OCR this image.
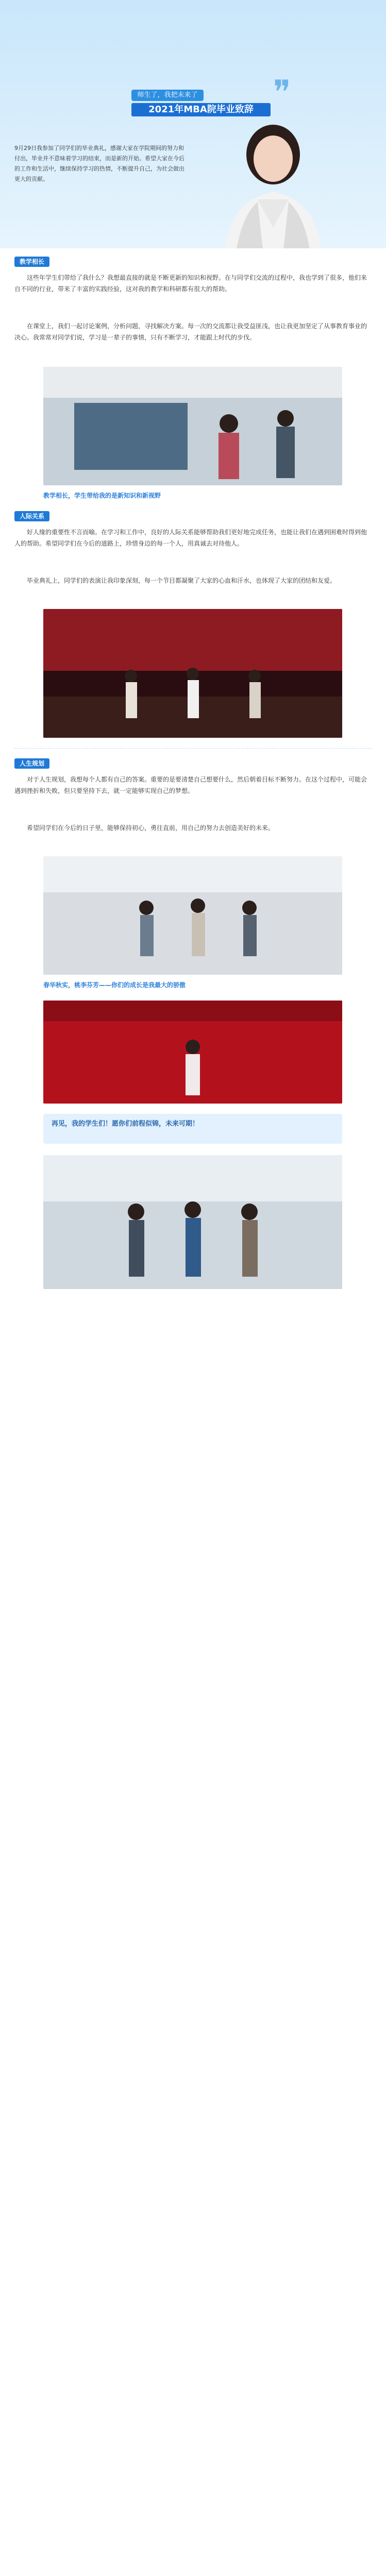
师生了，我把未来了
2021年MBA院毕业致辞 ❞
9月29日我参加了同学们的毕业典礼，感谢大家在学院期间的努力和付出，毕业并不意味着学习的结束，而是新的开始。希望大家在今后的工作和生活中，继续保持学习的热情，不断提升自己，为社会做出更大的贡献。
教学相长
这些年学生们带给了我什么？我想最直接的就是不断更新的知识和视野。在与同学们交流的过程中，我也学到了很多，他们来自不同的行业，带来了丰富的实践经验，这对我的教学和科研都有很大的帮助。
在课堂上，我们一起讨论案例，分析问题，寻找解决方案。每一次的交流都让我受益匪浅，也让我更加坚定了从事教育事业的决心。我常常对同学们说，学习是一辈子的事情，只有不断学习，才能跟上时代的步伐。
教学相长，学生带给我的是新知识和新视野
人际关系
好人缘的重要性不言而喻。在学习和工作中，良好的人际关系能够帮助我们更好地完成任务，也能让我们在遇到困难时得到他人的帮助。希望同学们在今后的道路上，珍惜身边的每一个人，用真诚去对待他人。
毕业典礼上，同学们的表演让我印象深刻，每一个节目都凝聚了大家的心血和汗水，也体现了大家的团结和友爱。
人生规划
对于人生规划，我想每个人都有自己的答案。重要的是要清楚自己想要什么，然后朝着目标不断努力。在这个过程中，可能会遇到挫折和失败，但只要坚持下去，就一定能够实现自己的梦想。
希望同学们在今后的日子里，能够保持初心，勇往直前，用自己的努力去创造美好的未来。
春华秋实，桃李芬芳——你们的成长是我最大的骄傲
再见，我的学生们！愿你们前程似锦，未来可期！
